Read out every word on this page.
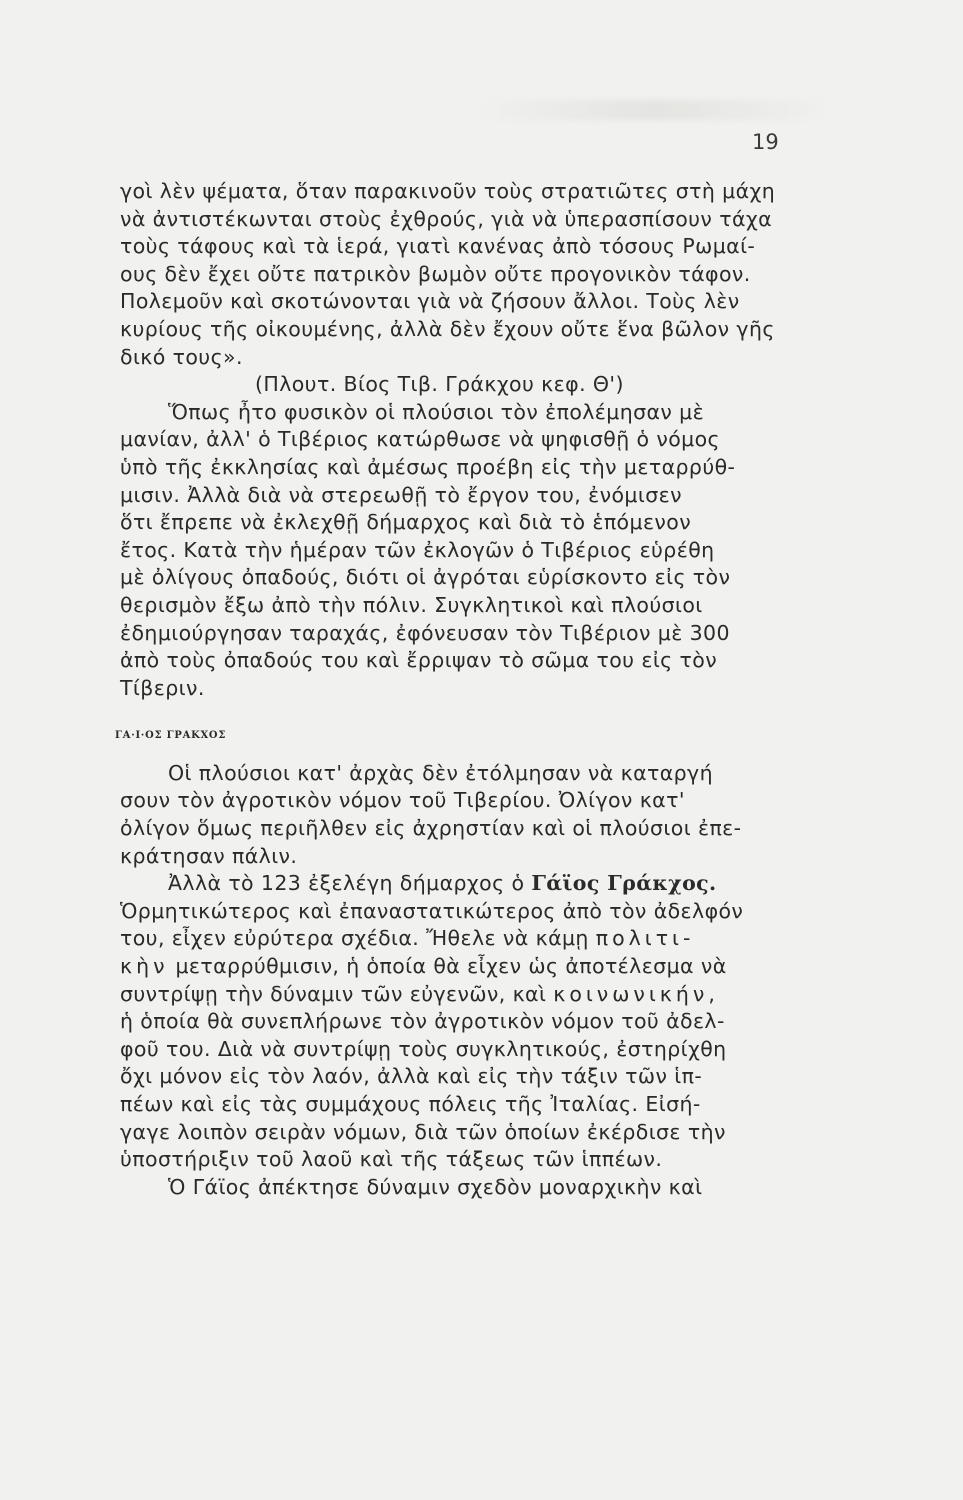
19
γοὶ λὲν ψέματα, ὅταν παρακινοῦν τοὺς στρατιῶτες στὴ μάχη
νὰ ἀντιστέκωνται στοὺς ἐχθρούς, γιὰ νὰ ὑπερασπίσουν τάχα
τοὺς τάφους καὶ τὰ ἱερά, γιατὶ κανένας ἀπὸ τόσους Ρωμαί-
ους δὲν ἔχει οὔτε πατρικὸν βωμὸν οὔτε προγονικὸν τάφον.
Πολεμοῦν καὶ σκοτώνονται γιὰ νὰ ζήσουν ἄλλοι. Τοὺς λὲν
κυρίους τῆς οἰκουμένης, ἀλλὰ δὲν ἔχουν οὔτε ἕνα βῶλον γῆς
δικό τους».
(Πλουτ. Βίος Τιβ. Γράκχου κεφ. Θ')
Ὅπως ἦτο φυσικὸν οἱ πλούσιοι τὸν ἐπολέμησαν μὲ
μανίαν, ἀλλ' ὁ Τιβέριος κατώρθωσε νὰ ψηφισθῇ ὁ νόμος
ὑπὸ τῆς ἐκκλησίας καὶ ἀμέσως προέβη εἰς τὴν μεταρρύθ-
μισιν. Ἀλλὰ διὰ νὰ στερεωθῇ τὸ ἔργον του, ἐνόμισεν
ὅτι ἔπρεπε νὰ ἐκλεχθῇ δήμαρχος καὶ διὰ τὸ ἑπόμενον
ἔτος. Κατὰ τὴν ἡμέραν τῶν ἐκλογῶν ὁ Τιβέριος εὑρέθη
μὲ ὀλίγους ὀπαδούς, διότι οἱ ἀγρόται εὑρίσκοντο εἰς τὸν
θερισμὸν ἔξω ἀπὸ τὴν πόλιν. Συγκλητικοὶ καὶ πλούσιοι
ἐδημιούργησαν ταραχάς, ἐφόνευσαν τὸν Τιβέριον μὲ 300
ἀπὸ τοὺς ὀπαδούς του καὶ ἔρριψαν τὸ σῶμα του εἰς τὸν
Τίβεριν.
ΓΑ·Ι·ΟΣ ΓΡΑΚΧΟΣ
Οἱ πλούσιοι κατ' ἀρχὰς δὲν ἐτόλμησαν νὰ καταργή
σουν τὸν ἀγροτικὸν νόμον τοῦ Τιβερίου. Ὀλίγον κατ'
ὀλίγον ὅμως περιῆλθεν εἰς ἀχρηστίαν καὶ οἱ πλούσιοι ἐπε-
κράτησαν πάλιν.
Ἀλλὰ τὸ 123 ἐξελέγη δήμαρχος ὁ Γάϊος Γράκχος.
Ὁρμητικώτερος καὶ ἐπαναστατικώτερος ἀπὸ τὸν ἀδελφόν
του, εἶχεν εὐρύτερα σχέδια. Ἤθελε νὰ κάμῃ πολιτι-
κὴν μεταρρύθμισιν, ἡ ὁποία θὰ εἶχεν ὡς ἀποτέλεσμα νὰ
συντρίψῃ τὴν δύναμιν τῶν εὐγενῶν, καὶ κοινωνικήν,
ἡ ὁποία θὰ συνεπλήρωνε τὸν ἀγροτικὸν νόμον τοῦ ἀδελ-
φοῦ του. Διὰ νὰ συντρίψῃ τοὺς συγκλητικούς, ἐστηρίχθη
ὄχι μόνον εἰς τὸν λαόν, ἀλλὰ καὶ εἰς τὴν τάξιν τῶν ἱπ-
πέων καὶ εἰς τὰς συμμάχους πόλεις τῆς Ἰταλίας. Εἰσή-
γαγε λοιπὸν σειρὰν νόμων, διὰ τῶν ὁποίων ἐκέρδισε τὴν
ὑποστήριξιν τοῦ λαοῦ καὶ τῆς τάξεως τῶν ἱππέων.
Ὁ Γάϊος ἀπέκτησε δύναμιν σχεδὸν μοναρχικὴν καὶ
